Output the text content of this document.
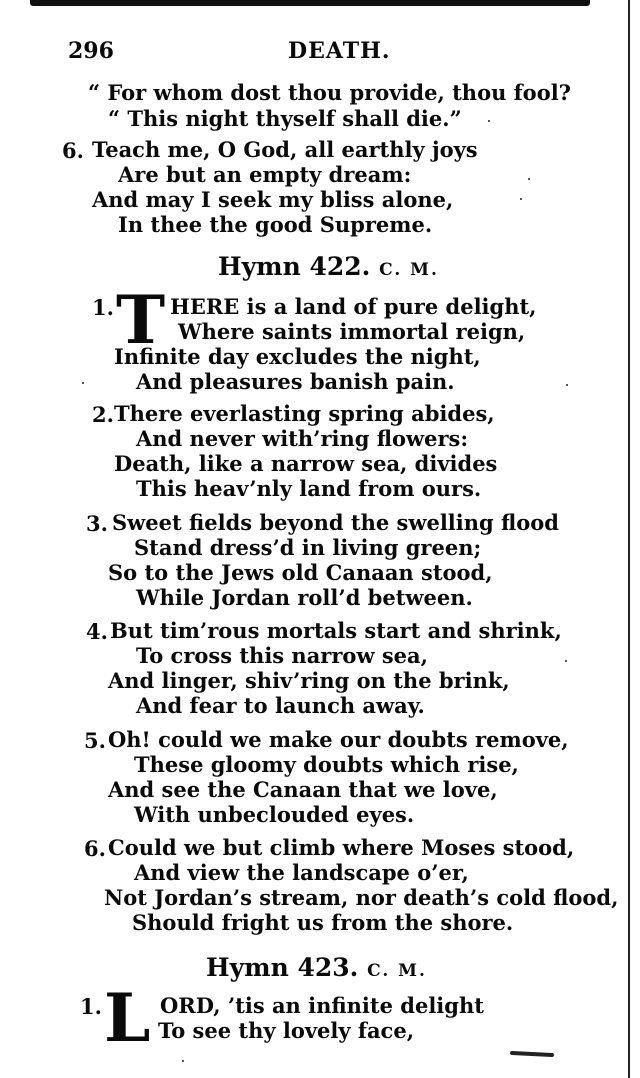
296	DEATH.
“ For whom dost thou provide, thou fool?
“ This night thyself shall die.”
6. Teach me, O God, all earthly joys
Are but an empty dream:
And may I seek my bliss alone,
In thee the good Supreme.
Hymn 422. C. M.
1. T HERE is a land of pure delight,
Where saints immortal reign,
Infinite day excludes the night,
And pleasures banish pain.
2. There everlasting spring abides,
And never with’ring flowers:
Death, like a narrow sea, divides
This heav’nly land from ours.
3. Sweet fields beyond the swelling flood
Stand dress’d in living green;
So to the Jews old Canaan stood,
While Jordan roll’d between.
4. But tim’rous mortals start and shrink,
To cross this narrow sea,
And linger, shiv’ring on the brink,
And fear to launch away.
5. Oh! could we make our doubts remove,
These gloomy doubts which rise,
And see the Canaan that we love,
With unbeclouded eyes.
6. Could we but climb where Moses stood,
And view the landscape o’er,
Not Jordan’s stream, nor death’s cold flood,
Should fright us from the shore.
Hymn 423. C. M.
1. L ORD, ’tis an infinite delight
To see thy lovely face,
